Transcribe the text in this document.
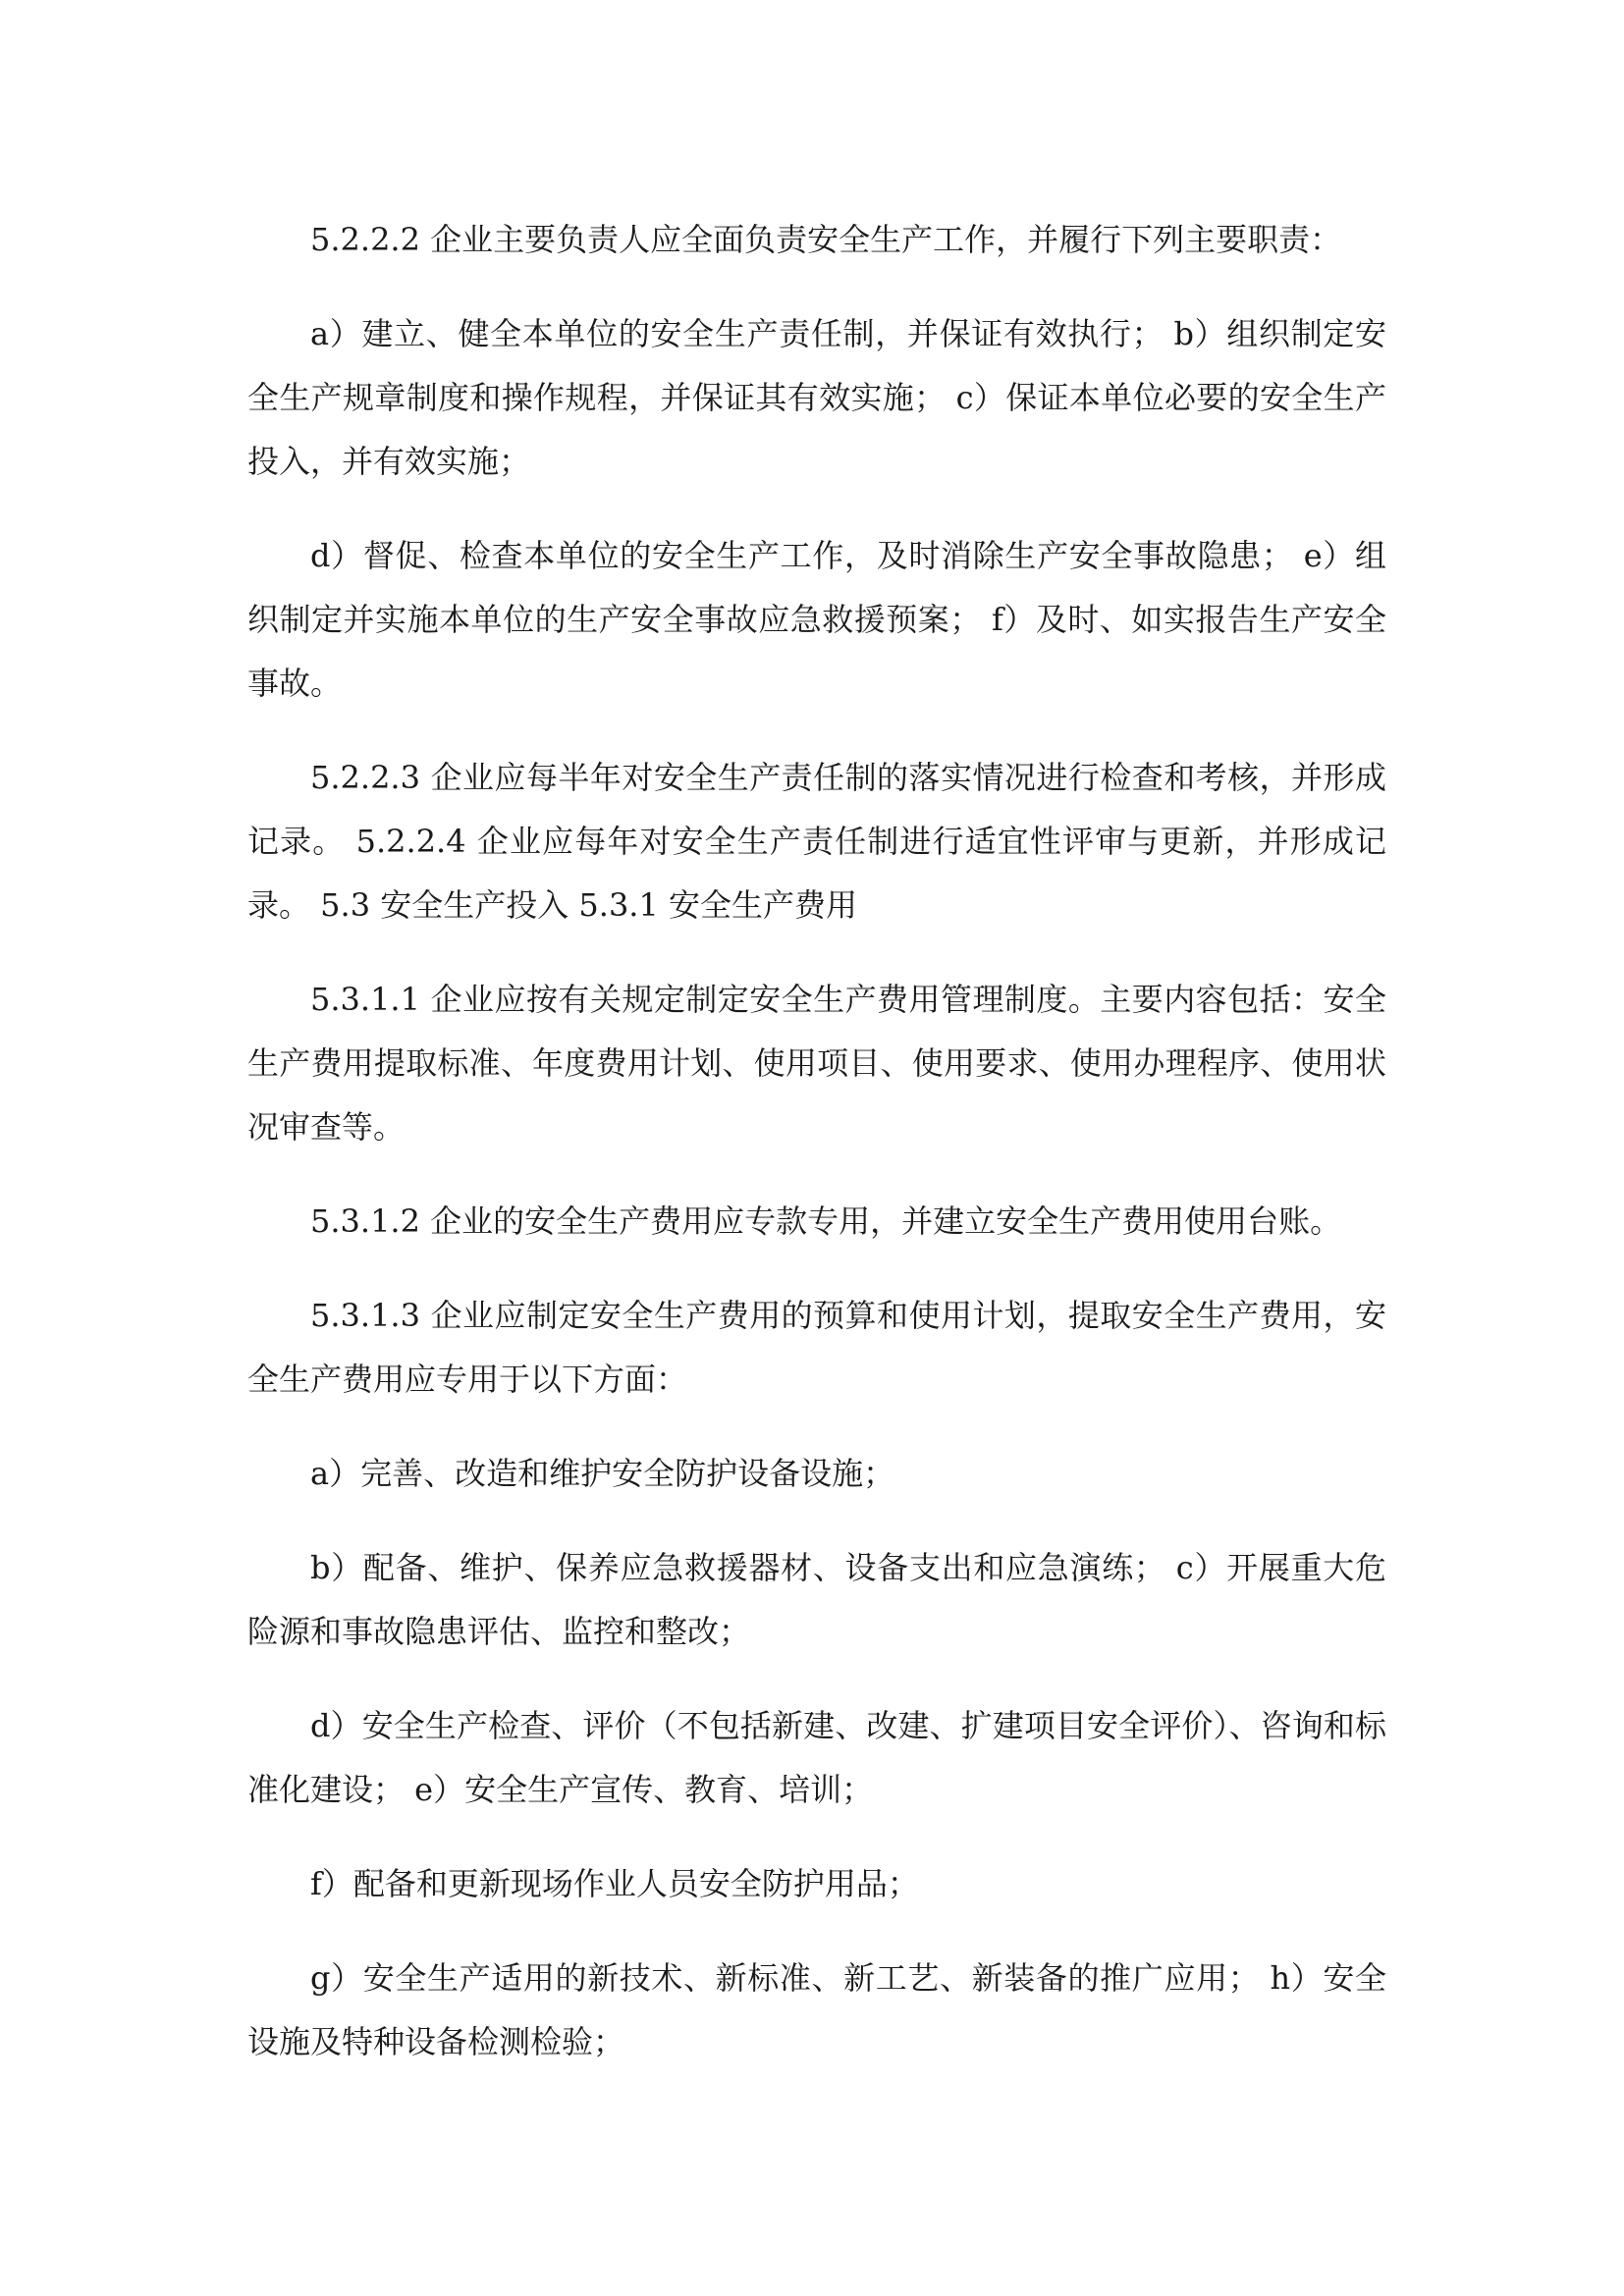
5.2.2.2 企业主要负责人应全面负责安全生产工作，并履行下列主要职责：

a）建立、健全本单位的安全生产责任制，并保证有效执行； b）组织制定安全生产规章制度和操作规程，并保证其有效实施； c）保证本单位必要的安全生产投入，并有效实施；

d）督促、检查本单位的安全生产工作，及时消除生产安全事故隐患； e）组织制定并实施本单位的生产安全事故应急救援预案； f）及时、如实报告生产安全事故。

5.2.2.3 企业应每半年对安全生产责任制的落实情况进行检查和考核，并形成记录。 5.2.2.4 企业应每年对安全生产责任制进行适宜性评审与更新，并形成记录。 5.3 安全生产投入 5.3.1 安全生产费用

5.3.1.1 企业应按有关规定制定安全生产费用管理制度。主要内容包括：安全生产费用提取标准、年度费用计划、使用项目、使用要求、使用办理程序、使用状况审查等。

5.3.1.2 企业的安全生产费用应专款专用，并建立安全生产费用使用台账。

5.3.1.3 企业应制定安全生产费用的预算和使用计划，提取安全生产费用，安全生产费用应专用于以下方面：

a）完善、改造和维护安全防护设备设施；

b）配备、维护、保养应急救援器材、设备支出和应急演练； c）开展重大危险源和事故隐患评估、监控和整改；

d）安全生产检查、评价（不包括新建、改建、扩建项目安全评价）、咨询和标准化建设； e）安全生产宣传、教育、培训；

f）配备和更新现场作业人员安全防护用品；

g）安全生产适用的新技术、新标准、新工艺、新装备的推广应用； h）安全设施及特种设备检测检验；
